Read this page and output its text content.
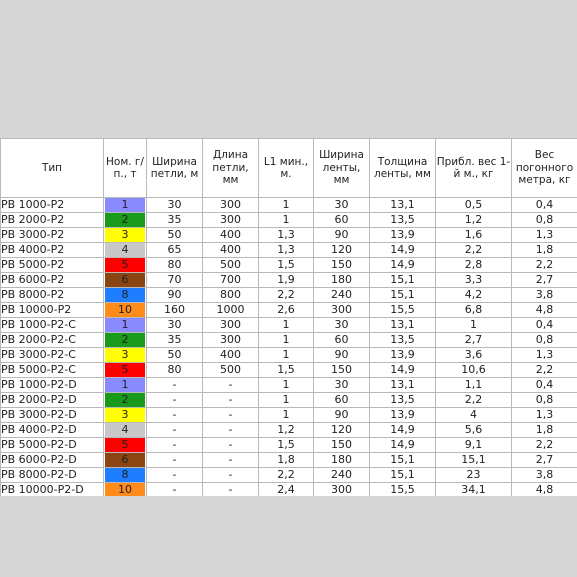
Тип	Ном. г/п., т	Ширина петли, м	Длина петли, мм	L1 мин., м.	Ширина ленты, мм	Толщина ленты, мм	Прибл. вес 1-й м., кг	Вес погонного метра, кг

PB 1000-P2	1	30	300	1	30	13,1	0,5	0,4
PB 2000-P2	2	35	300	1	60	13,5	1,2	0,8
PB 3000-P2	3	50	400	1,3	90	13,9	1,6	1,3
PB 4000-P2	4	65	400	1,3	120	14,9	2,2	1,8
PB 5000-P2	5	80	500	1,5	150	14,9	2,8	2,2
PB 6000-P2	6	70	700	1,9	180	15,1	3,3	2,7
PB 8000-P2	8	90	800	2,2	240	15,1	4,2	3,8
PB 10000-P2	10	160	1000	2,6	300	15,5	6,8	4,8
PB 1000-P2-C	1	30	300	1	30	13,1	1	0,4
PB 2000-P2-C	2	35	300	1	60	13,5	2,7	0,8
PB 3000-P2-C	3	50	400	1	90	13,9	3,6	1,3
PB 5000-P2-C	5	80	500	1,5	150	14,9	10,6	2,2
PB 1000-P2-D	1	-	-	1	30	13,1	1,1	0,4
PB 2000-P2-D	2	-	-	1	60	13,5	2,2	0,8
PB 3000-P2-D	3	-	-	1	90	13,9	4	1,3
PB 4000-P2-D	4	-	-	1,2	120	14,9	5,6	1,8
PB 5000-P2-D	5	-	-	1,5	150	14,9	9,1	2,2
PB 6000-P2-D	6	-	-	1,8	180	15,1	15,1	2,7
PB 8000-P2-D	8	-	-	2,2	240	15,1	23	3,8
PB 10000-P2-D	10	-	-	2,4	300	15,5	34,1	4,8
